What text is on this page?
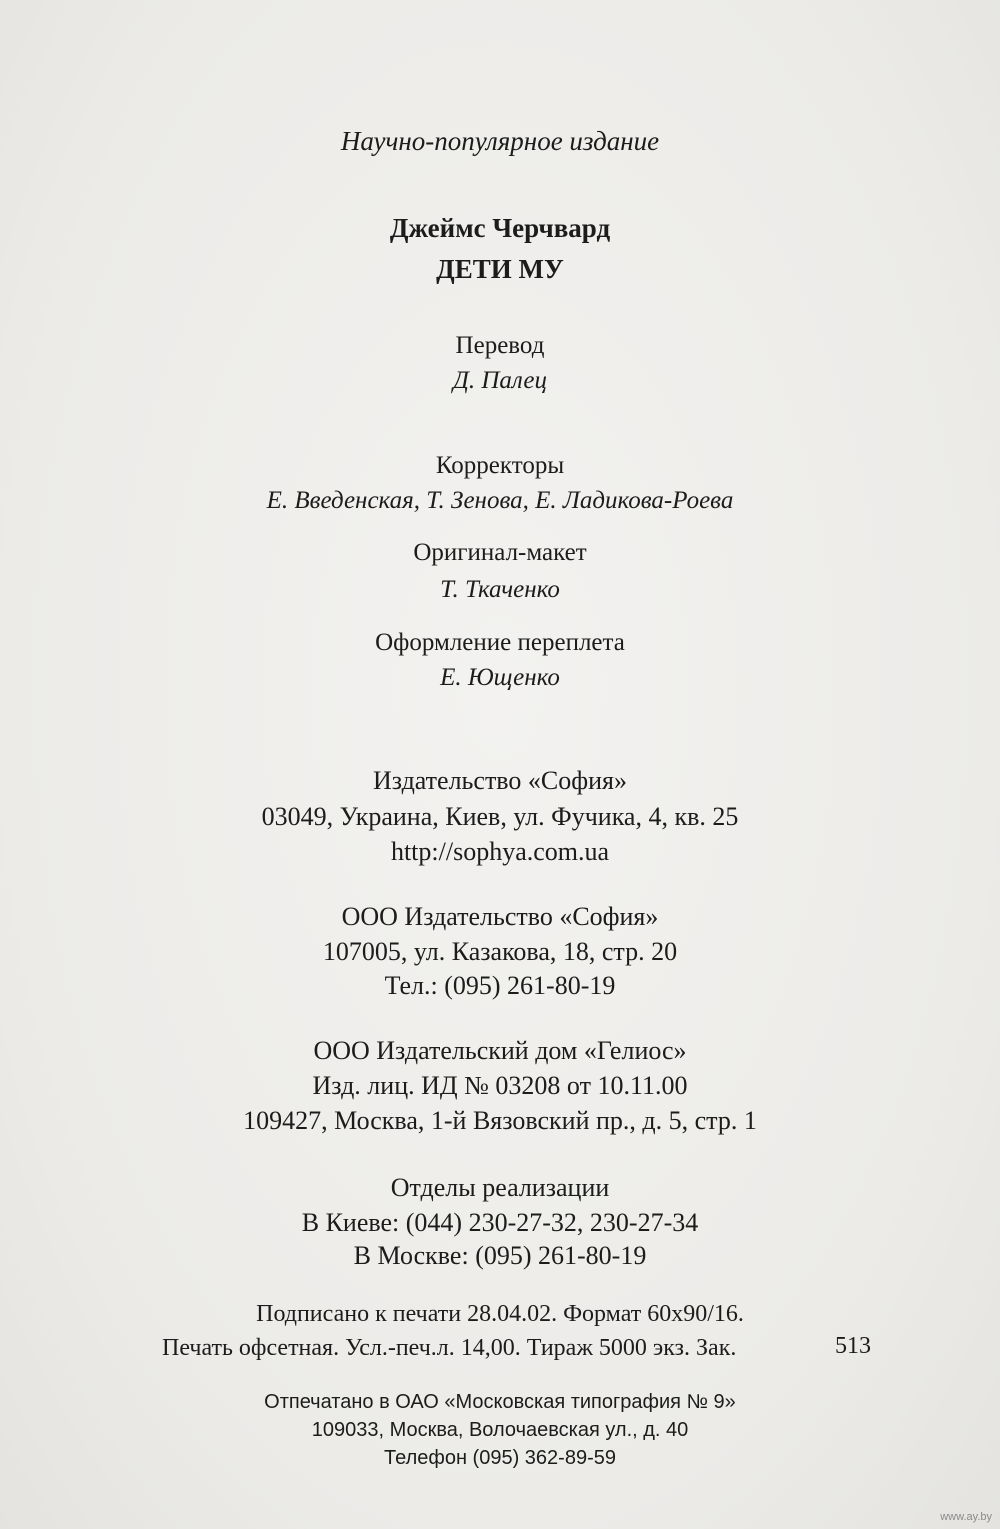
Научно-популярное издание
Джеймс Черчвард
ДЕТИ МУ
Перевод
Д. Палец
Корректоры
Е. Введенская, Т. Зенова, Е. Ладикова-Роева
Оригинал-макет
Т. Ткаченко
Оформление переплета
Е. Ющенко
Издательство «София»
03049, Украина, Киев, ул. Фучика, 4, кв. 25
http://sophya.com.ua
ООО Издательство «София»
107005, ул. Казакова, 18, стр. 20
Тел.: (095) 261-80-19
ООО Издательский дом «Гелиос»
Изд. лиц. ИД № 03208 от 10.11.00
109427, Москва, 1-й Вязовский пр., д. 5, стр. 1
Отделы реализации
В Киеве: (044) 230-27-32, 230-27-34
В Москве: (095) 261-80-19
Подписано к печати 28.04.02. Формат 60x90/16.
Печать офсетная. Усл.-печ.л. 14,00. Тираж 5000 экз. Зак.	513
Отпечатано в ОАО «Московская типография № 9»
109033, Москва, Волочаевская ул., д. 40
Телефон (095) 362-89-59
www.ay.by
